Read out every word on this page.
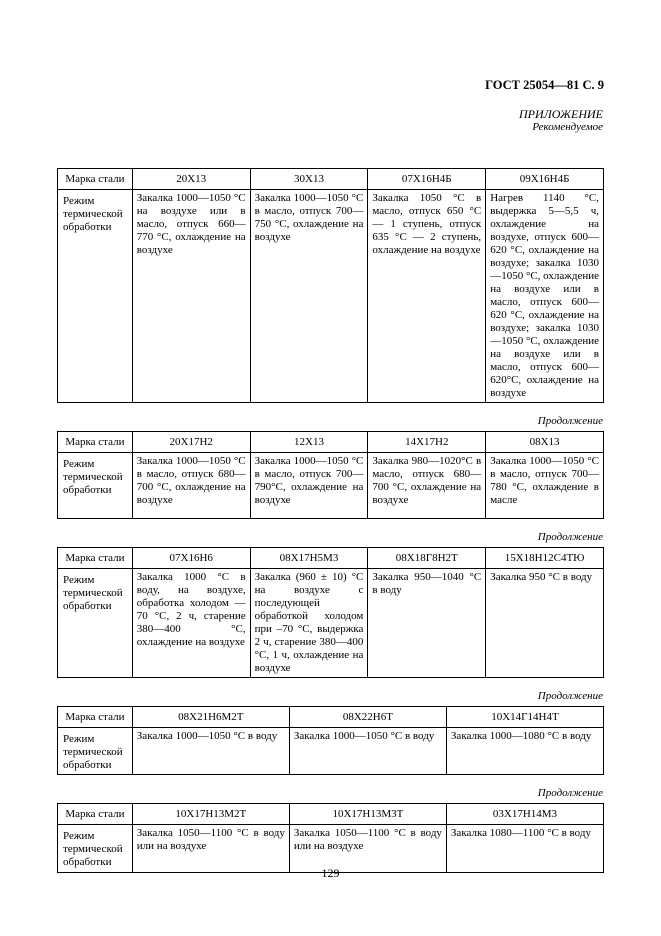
ГОСТ 25054—81 С. 9
ПРИЛОЖЕНИЕ
Рекомендуемое
Марка стали	20X13	30X13	07X16Н4Б	09X16Н4Б
Режим термической обработки	Закалка 1000—1050 °С на воздухе или в масло, отпуск 660—770 °С, охлаждение на воздухе	Закалка 1000—1050 °С в масло, отпуск 700—750 °С, охлаждение на воздухе	Закалка 1050 °С в масло, отпуск 650 °С — 1 ступень, отпуск 635 °С — 2 ступень, охлаждение на воздухе	Нагрев 1140 °С, выдержка 5—5,5 ч, охлаждение на воздухе, отпуск 600—620 °С, охлаждение на воздухе; закалка 1030—1050 °С, охлаждение на воздухе или в масло, отпуск 600—620 °С, охлаждение на воздухе; закалка 1030—1050 °С, охлаждение на воздухе или в масло, отпуск 600—620°С, охлаждение на воздухе
Продолжение
Марка стали	20X17Н2	12X13	14X17Н2	08X13
Режим термической обработки	Закалка 1000—1050 °С в масло, отпуск 680—700 °С, охлаждение на воздухе	Закалка 1000—1050 °С в масло, отпуск 700—790°С, охлаждение на воздухе	Закалка 980—1020°С в масло, отпуск 680—700 °С, охлаждение на воздухе	Закалка 1000—1050 °С в масло, отпуск 700—780 °С, охлаждение в масле
Продолжение
Марка стали	07X16Н6	08X17Н5М3	08X18Г8Н2Т	15X18Н12С4ТЮ
Режим термической обработки	Закалка 1000 °С в воду, на воздухе, обработка холодом — 70 °С, 2 ч, старение 380—400 °С, охлаждение на воздухе	Закалка (960 ± 10) °С на воздухе с последующей обработкой холодом при –70 °С, выдержка 2 ч, старение 380—400 °С, 1 ч, охлаждение на воздухе	Закалка 950—1040 °С в воду	Закалка 950 °С в воду
Продолжение
Марка стали	08X21Н6М2Т	08X22Н6Т	10X14Г14Н4Т
Режим термической обработки	Закалка 1000—1050 °С в воду	Закалка 1000—1050 °С в воду	Закалка 1000—1080 °С в воду
Продолжение
Марка стали	10X17Н13М2Т	10X17Н13М3Т	03X17Н14М3
Режим термической обработки	Закалка 1050—1100 °С в воду или на воздухе	Закалка 1050—1100 °С в воду или на воздухе	Закалка 1080—1100 °С в воду
129
